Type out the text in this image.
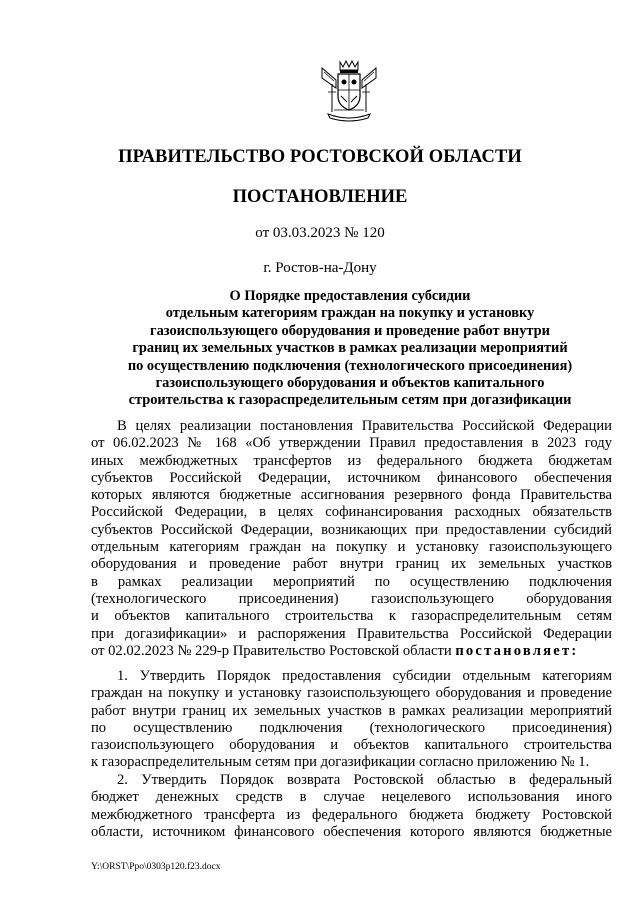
ПРАВИТЕЛЬСТВО РОСТОВСКОЙ ОБЛАСТИ
ПОСТАНОВЛЕНИЕ
от 03.03.2023 № 120
г. Ростов-на-Дону
О Порядке предоставления субсидии
отдельным категориям граждан на покупку и установку
газоиспользующего оборудования и проведение работ внутри
границ их земельных участков в рамках реализации мероприятий
по осуществлению подключения (технологического присоединения)
газоиспользующего оборудования и объектов капитального
строительства к газораспределительным сетям при догазификации
В целях реализации постановления Правительства Российской Федерации
от 06.02.2023 № 168 «Об утверждении Правил предоставления в 2023 году
иных межбюджетных трансфертов из федерального бюджета бюджетам
субъектов Российской Федерации, источником финансового обеспечения
которых являются бюджетные ассигнования резервного фонда Правительства
Российской Федерации, в целях софинансирования расходных обязательств
субъектов Российской Федерации, возникающих при предоставлении субсидий
отдельным категориям граждан на покупку и установку газоиспользующего
оборудования и проведение работ внутри границ их земельных участков
в рамках реализации мероприятий по осуществлению подключения
(технологического присоединения) газоиспользующего оборудования
и объектов капитального строительства к газораспределительным сетям
при догазификации» и распоряжения Правительства Российской Федерации
от 02.02.2023 № 229-р Правительство Ростовской области постановляет:
1. Утвердить Порядок предоставления субсидии отдельным категориям
граждан на покупку и установку газоиспользующего оборудования и проведение
работ внутри границ их земельных участков в рамках реализации мероприятий
по осуществлению подключения (технологического присоединения)
газоиспользующего оборудования и объектов капитального строительства
к газораспределительным сетям при догазификации согласно приложению № 1.
2. Утвердить Порядок возврата Ростовской областью в федеральный
бюджет денежных средств в случае нецелевого использования иного
межбюджетного трансферта из федерального бюджета бюджету Ростовской
области, источником финансового обеспечения которого являются бюджетные
Y:\ORST\Ppo\0303p120.f23.docx
